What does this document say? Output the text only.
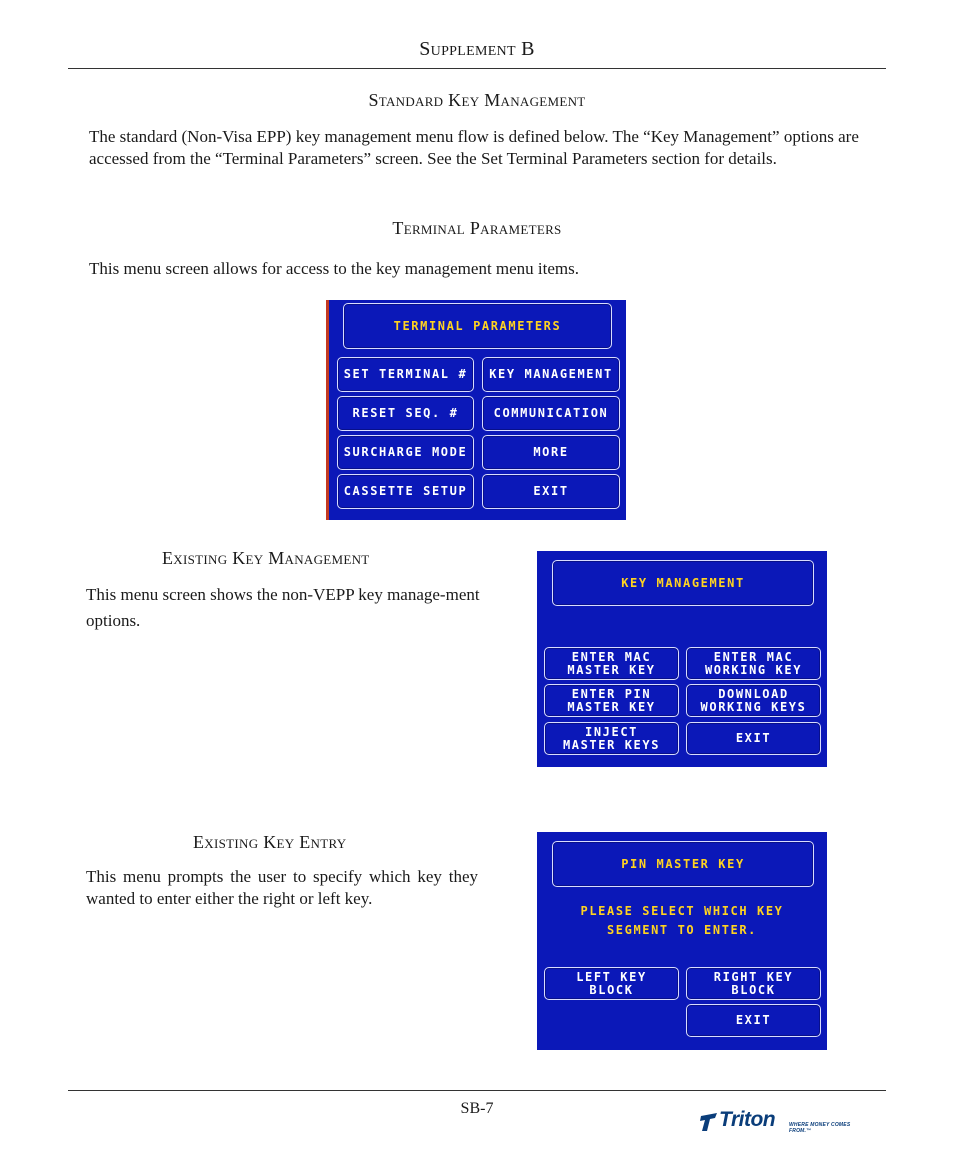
Supplement B
Standard Key Management
The standard (Non-Visa EPP) key management menu flow is defined below. The “Key Management” options are accessed from the “Terminal Parameters” screen. See the Set Terminal Parameters section for details.
Terminal Parameters
This menu screen allows for access to the key management menu items.
TERMINAL PARAMETERS
SET TERMINAL #	KEY MANAGEMENT
RESET SEQ. #	COMMUNICATION
SURCHARGE MODE	MORE
CASSETTE SETUP	EXIT
Existing Key Management
This menu screen shows the non-VEPP key manage-ment options.
KEY MANAGEMENT
ENTER MAC
MASTER KEY
ENTER MAC
WORKING KEY
ENTER PIN
MASTER KEY
DOWNLOAD
WORKING KEYS
INJECT
MASTER KEYS	EXIT
Existing Key Entry
This menu prompts the user to specify which key they wanted to enter either the right or left key.
PIN MASTER KEY
PLEASE SELECT WHICH KEY
SEGMENT TO ENTER.
LEFT KEY
BLOCK
RIGHT KEY
BLOCK
EXIT
SB-7	Triton	WHERE MONEY COMES FROM.™
